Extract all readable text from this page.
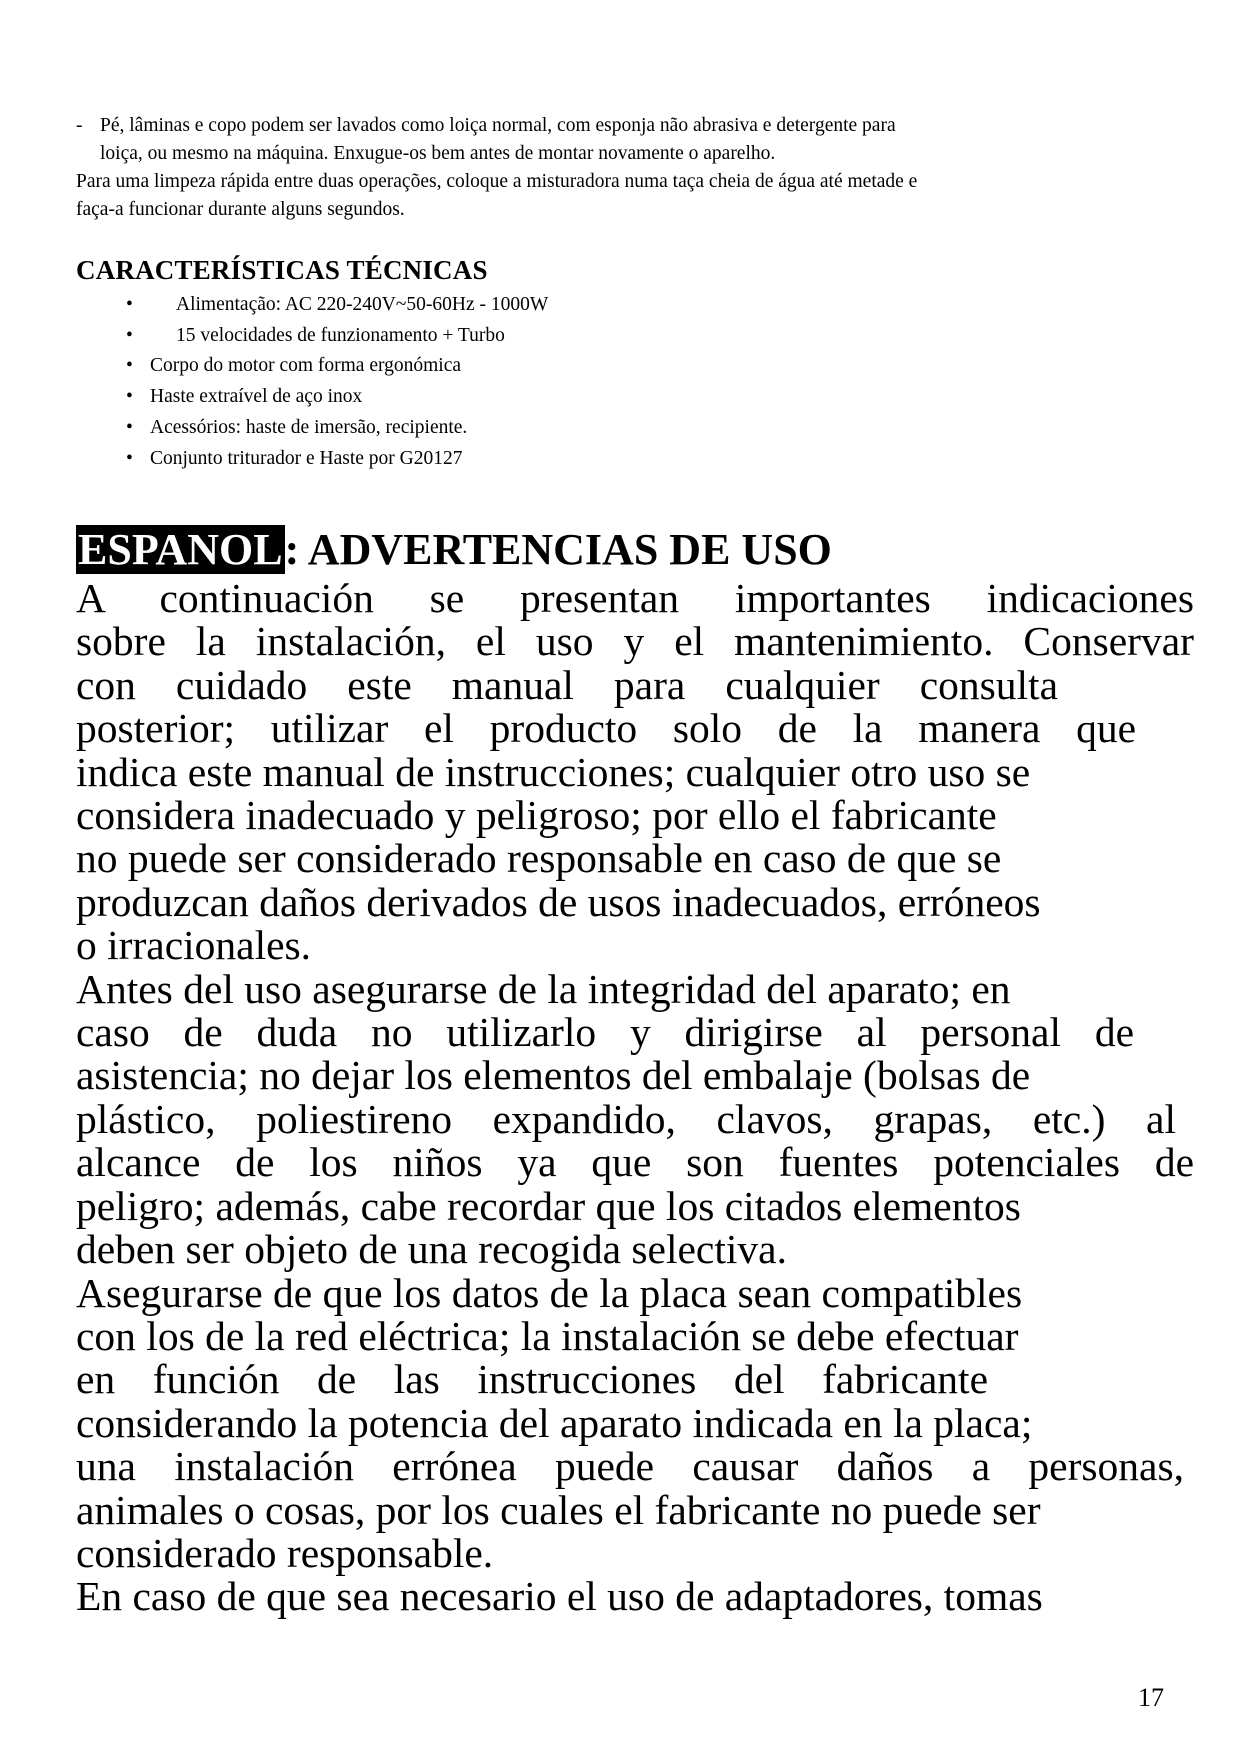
- Pé, lâminas e copo podem ser lavados como loiça normal, com esponja não abrasiva e detergente para
loiça, ou mesmo na máquina. Enxugue-os bem antes de montar novamente o aparelho.

Para uma limpeza rápida entre duas operações, coloque a misturadora numa taça cheia de água até metade e
faça-a funcionar durante alguns segundos.

CARACTERÍSTICAS TÉCNICAS
• Alimentação: AC 220-240V~50-60Hz - 1000W
• 15 velocidades de funzionamento + Turbo
• Corpo do motor com forma ergonómica
• Haste extraível de aço inox
• Acessórios: haste de imersão, recipiente.
• Conjunto triturador e Haste por G20127
ESPANOL: ADVERTENCIAS DE USO
A continuación se presentan importantes indicaciones
sobre la instalación, el uso y el mantenimiento. Conservar
con cuidado este manual para cualquier consulta
posterior; utilizar el producto solo de la manera que
indica este manual de instrucciones; cualquier otro uso se
considera inadecuado y peligroso; por ello el fabricante
no puede ser considerado responsable en caso de que se
produzcan daños derivados de usos inadecuados, erróneos
o irracionales.
Antes del uso asegurarse de la integridad del aparato; en
caso de duda no utilizarlo y dirigirse al personal de
asistencia; no dejar los elementos del embalaje (bolsas de
plástico, poliestireno expandido, clavos, grapas, etc.) al
alcance de los niños ya que son fuentes potenciales de
peligro; además, cabe recordar que los citados elementos
deben ser objeto de una recogida selectiva.
Asegurarse de que los datos de la placa sean compatibles
con los de la red eléctrica; la instalación se debe efectuar
en función de las instrucciones del fabricante
considerando la potencia del aparato indicada en la placa;
una instalación errónea puede causar daños a personas,
animales o cosas, por los cuales el fabricante no puede ser
considerado responsable.
En caso de que sea necesario el uso de adaptadores, tomas
17
